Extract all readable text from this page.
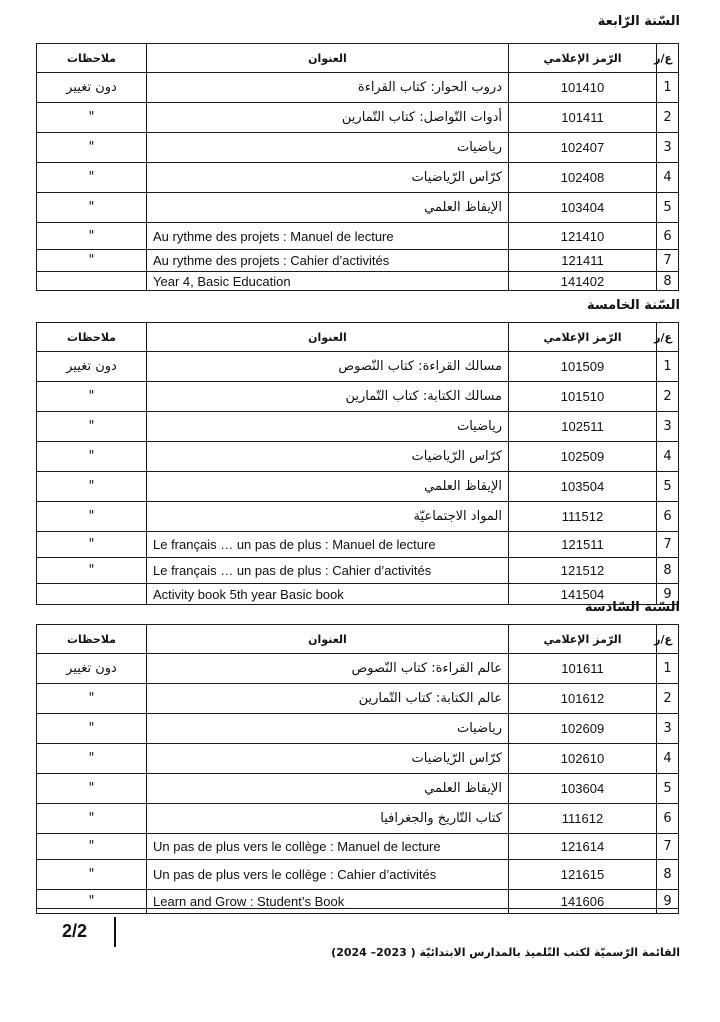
السّنة الرّابعة
ع/ر	الرّمز الإعلامي	العنوان	ملاحظات
1	101410	دروب الحوار: كتاب القراءة	دون تغيير
2	101411	أدوات التّواصل: كتاب التّمارين	"
3	102407	رياضيات	"
4	102408	كرّاس الرّياضيات	"
5	103404	الإيقاظ العلمي	"
6	121410	Au rythme des projets : Manuel de lecture	"
7	121411	Au rythme des projets : Cahier d’activités	"
8	141402	Year 4, Basic Education	
السّنة الخامسة
ع/ر	الرّمز الإعلامي	العنوان	ملاحظات
1	101509	مسالك القراءة: كتاب النّصوص	دون تغيير
2	101510	مسالك الكتابة: كتاب التّمارين	"
3	102511	رياضيات	"
4	102509	كرّاس الرّياضيات	"
5	103504	الإيقاظ العلمي	"
6	111512	المواد الاجتماعيّة	"
7	121511	Le français … un pas de plus : Manuel de lecture	"
8	121512	Le français … un pas de plus : Cahier d’activités	"
9	141504	Activity book 5th year Basic book	
السّنة السّادسة
ع/ر	الرّمز الإعلامي	العنوان	ملاحظات
1	101611	عالم القراءة: كتاب النّصوص	دون تغيير
2	101612	عالم الكتابة: كتاب التّمارين	"
3	102609	رياضيات	"
4	102610	كرّاس الرّياضيات	"
5	103604	الإيقاظ العلمي	"
6	111612	كتاب التّاريخ والجغرافيا	"
7	121614	Un pas de plus vers le collège : Manuel de lecture	"
8	121615	Un pas de plus vers le collège : Cahier d’activités	"
9	141606	Learn and Grow : Student’s Book	"
2/2
القائمة الرّسميّة لكتب التّلميذ بالمدارس الابتدائيّة ( 2023– 2024)
